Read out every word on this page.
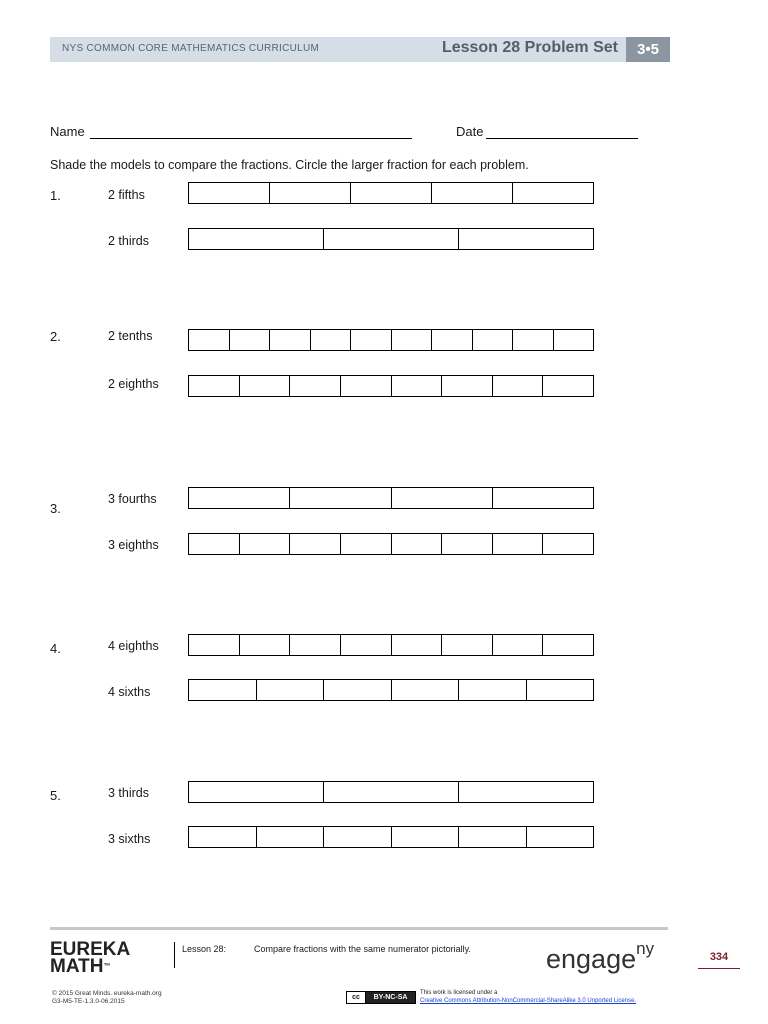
NYS COMMON CORE MATHEMATICS CURRICULUM	Lesson 28 Problem Set	3•5
Name	Date
Shade the models to compare the fractions. Circle the larger fraction for each problem.
1.	2 fifths
2 thirds
2.	2 tenths
2 eighths
3.
3 fourths
3 eighths
4.	4 eighths
4 sixths
5.	3 thirds
3 sixths
EUREKA
MATH™
Lesson 28:	Compare fractions with the same numerator pictorially.	engage$^{ny}$	334
© 2015 Great Minds. eureka-math.org
G3-M5-TE-1.3.0-06.2015
cc	BY-NC-SA
This work is licensed under a
Creative Commons Attribution-NonCommercial-ShareAlike 3.0 Unported License.
